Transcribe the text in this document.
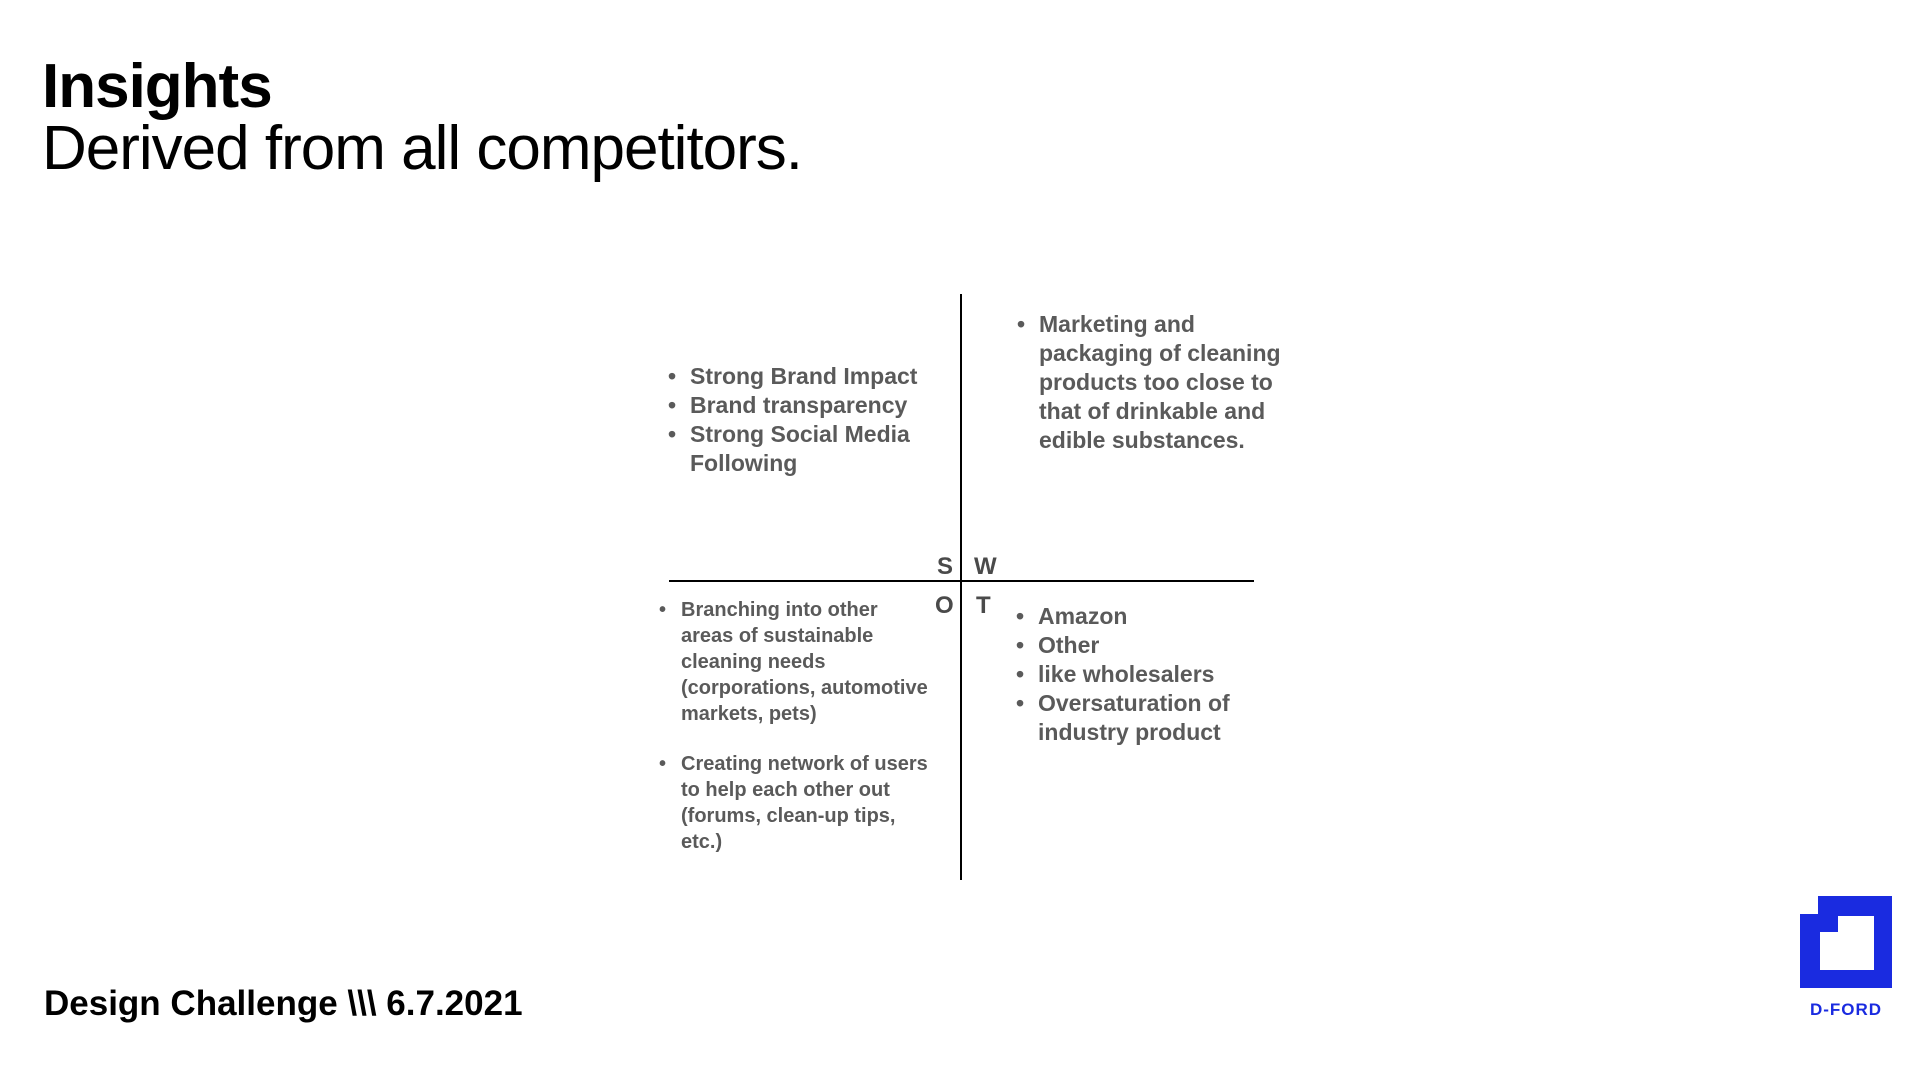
Insights
Derived from all competitors.
S W
O T
• Strong Brand Impact
• Brand transparency
• Strong Social Media Following
• Marketing and packaging of cleaning products too close to that of drinkable and edible substances.
• Branching into other areas of sustainable cleaning needs (corporations, automotive markets, pets)
• Creating network of users to help each other out (forums, clean-up tips, etc.)
• Amazon
• Other
• like wholesalers
• Oversaturation of industry product
Design Challenge \\\ 6.7.2021	D-FORD
